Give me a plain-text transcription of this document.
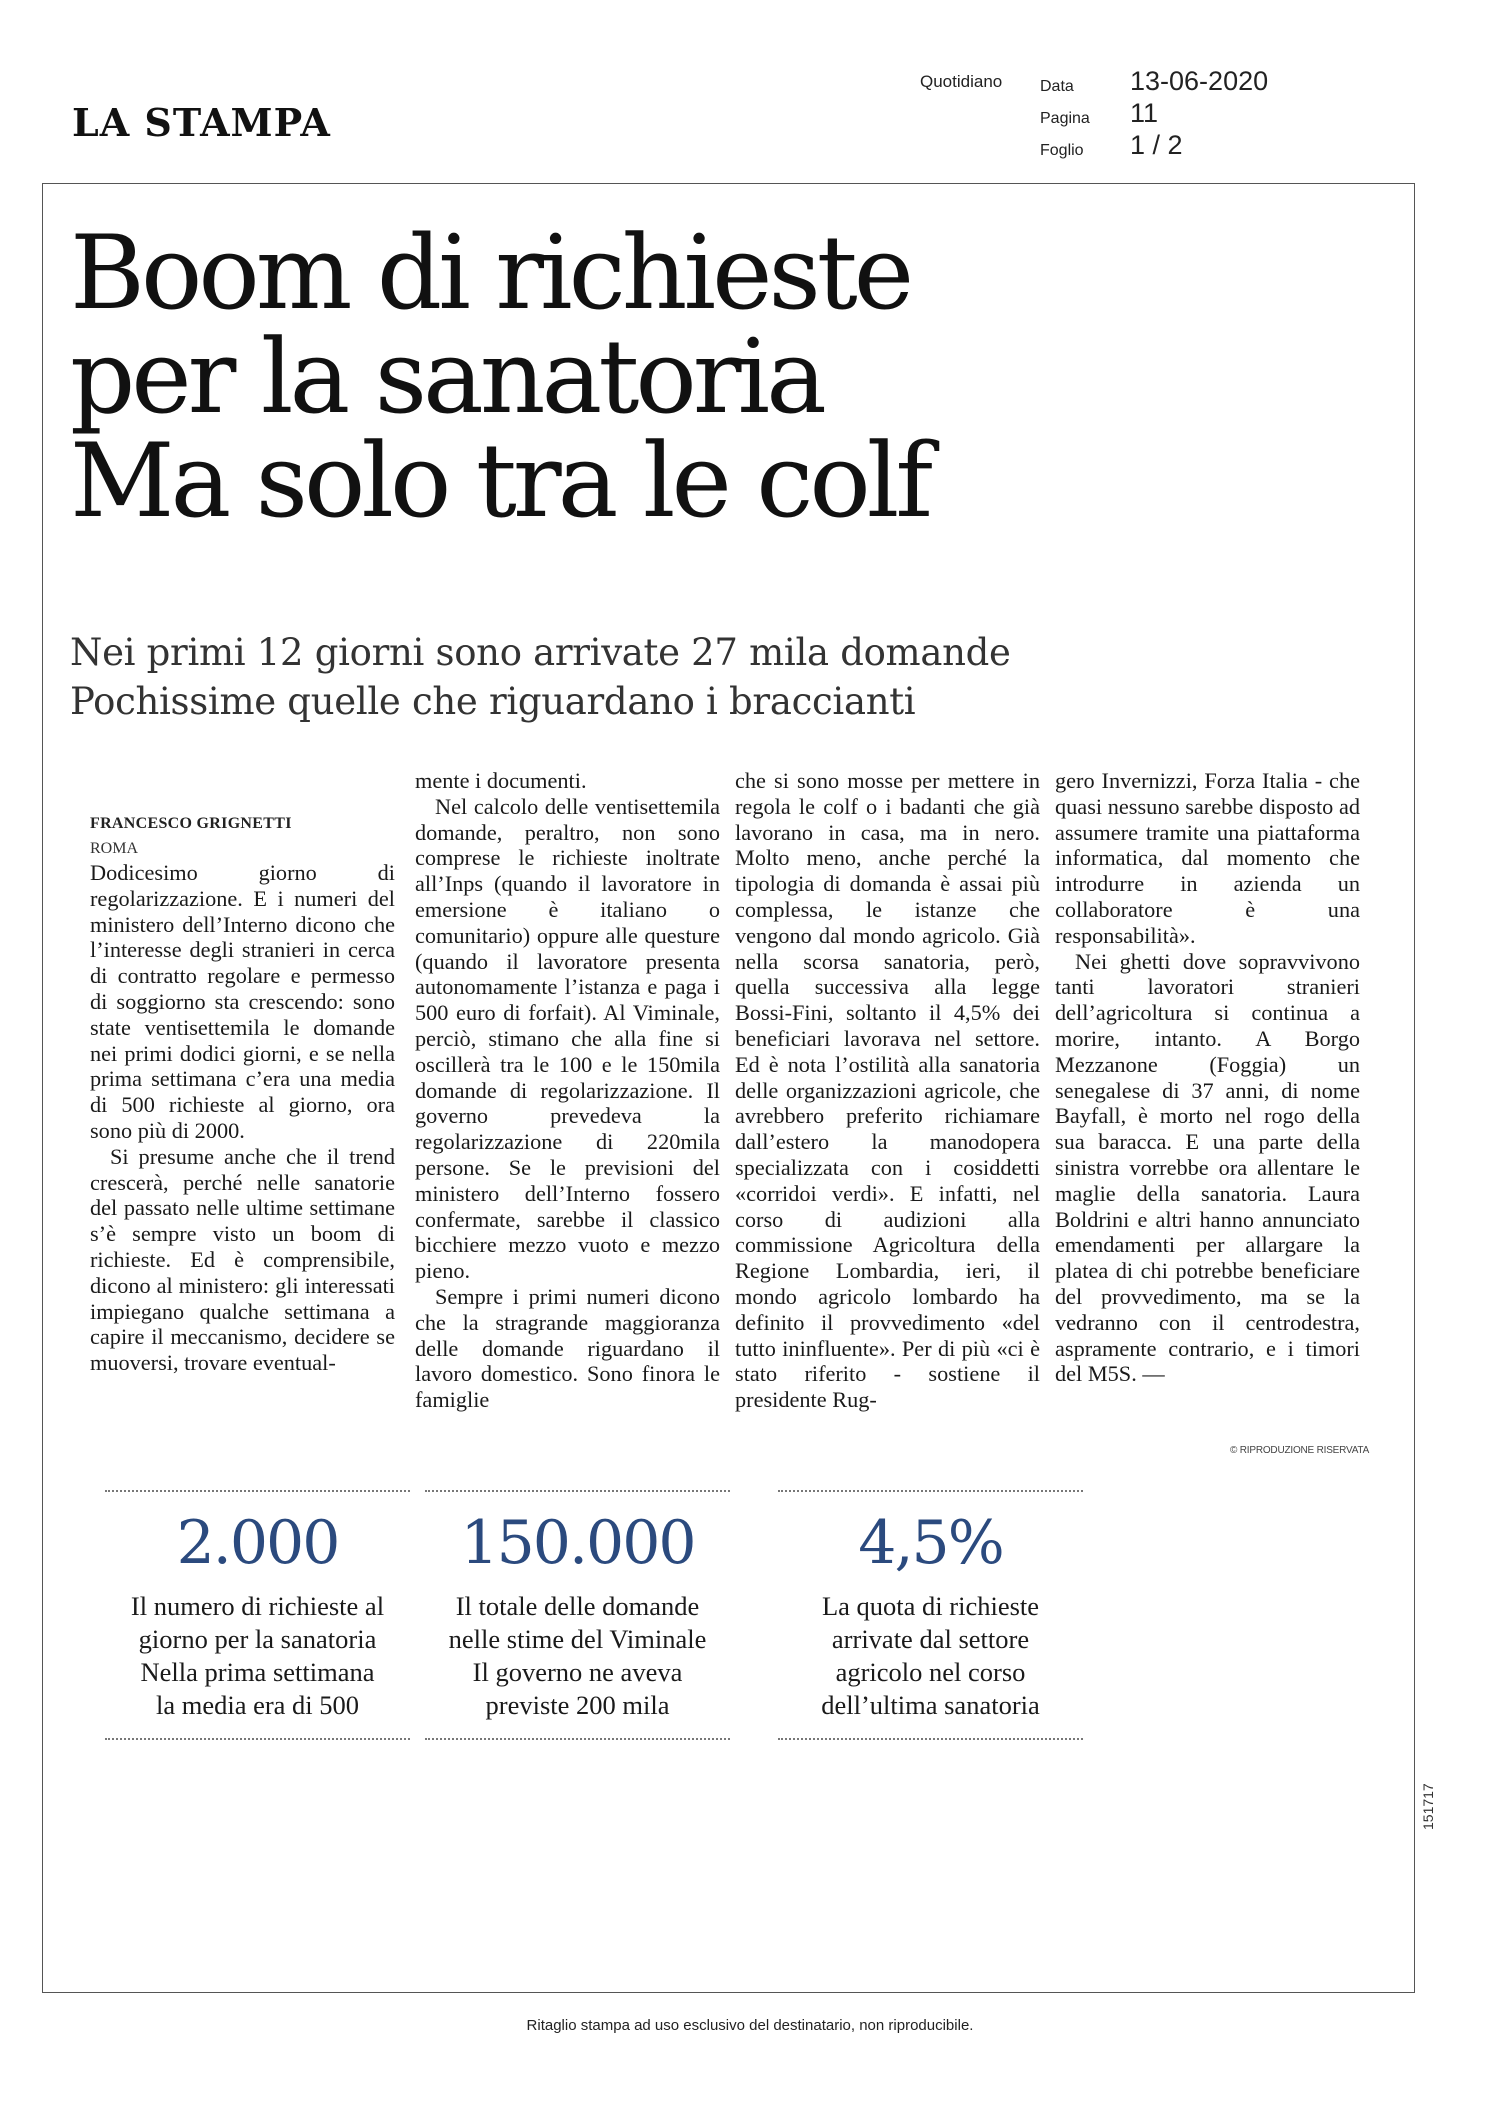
LA STAMPA
Quotidiano Data 13-06-2020
Pagina 11
Foglio 1 / 2
Boom di richieste
per la sanatoria
Ma solo tra le colf
Nei primi 12 giorni sono arrivate 27 mila domande
Pochissime quelle che riguardano i braccianti
FRANCESCO GRIGNETTI
ROMA

Dodicesimo giorno di regolarizzazione. E i numeri del ministero dell’Interno dicono che l’interesse degli stranieri in cerca di contratto regolare e permesso di soggiorno sta crescendo: sono state ventisettemila le domande nei primi dodici giorni, e se nella prima settimana c’era una media di 500 richieste al giorno, ora sono più di 2000.

Si presume anche che il trend crescerà, perché nelle sanatorie del passato nelle ultime settimane s’è sempre visto un boom di richieste. Ed è comprensibile, dicono al ministero: gli interessati impiegano qualche settimana a capire il meccanismo, decidere se muoversi, trovare eventual-

mente i documenti.

Nel calcolo delle ventisettemila domande, peraltro, non sono comprese le richieste inoltrate all’Inps (quando il lavoratore in emersione è italiano o comunitario) oppure alle questure (quando il lavoratore presenta autonomamente l’istanza e paga i 500 euro di forfait). Al Viminale, perciò, stimano che alla fine si oscillerà tra le 100 e le 150mila domande di regolarizzazione. Il governo prevedeva la regolarizzazione di 220mila persone. Se le previsioni del ministero dell’Interno fossero confermate, sarebbe il classico bicchiere mezzo vuoto e mezzo pieno.

Sempre i primi numeri dicono che la stragrande maggioranza delle domande riguardano il lavoro domestico. Sono finora le famiglie

che si sono mosse per mettere in regola le colf o i badanti che già lavorano in casa, ma in nero. Molto meno, anche perché la tipologia di domanda è assai più complessa, le istanze che vengono dal mondo agricolo. Già nella scorsa sanatoria, però, quella successiva alla legge Bossi-Fini, soltanto il 4,5% dei beneficiari lavorava nel settore. Ed è nota l’ostilità alla sanatoria delle organizzazioni agricole, che avrebbero preferito richiamare dall’estero la manodopera specializzata con i cosiddetti «corridoi verdi». E infatti, nel corso di audizioni alla commissione Agricoltura della Regione Lombardia, ieri, il mondo agricolo lombardo ha definito il provvedimento «del tutto ininfluente». Per di più «ci è stato riferito - sostiene il presidente Rug-

gero Invernizzi, Forza Italia - che quasi nessuno sarebbe disposto ad assumere tramite una piattaforma informatica, dal momento che introdurre in azienda un collaboratore è una responsabilità».

Nei ghetti dove sopravvivono tanti lavoratori stranieri dell’agricoltura si continua a morire, intanto. A Borgo Mezzanone (Foggia) un senegalese di 37 anni, di nome Bayfall, è morto nel rogo della sua baracca. E una parte della sinistra vorrebbe ora allentare le maglie della sanatoria. Laura Boldrini e altri hanno annunciato emendamenti per allargare la platea di chi potrebbe beneficiare del provvedimento, ma se la vedranno con il centrodestra, aspramente contrario, e i timori del M5S. —

© RIPRODUZIONE RISERVATA
2.000
Il numero di richieste al
giorno per la sanatoria
Nella prima settimana
la media era di 500
150.000
Il totale delle domande
nelle stime del Viminale
Il governo ne aveva
previste 200 mila
4,5%
La quota di richieste
arrivate dal settore
agricolo nel corso
dell’ultima sanatoria
151717
Ritaglio stampa ad uso esclusivo del destinatario, non riproducibile.
